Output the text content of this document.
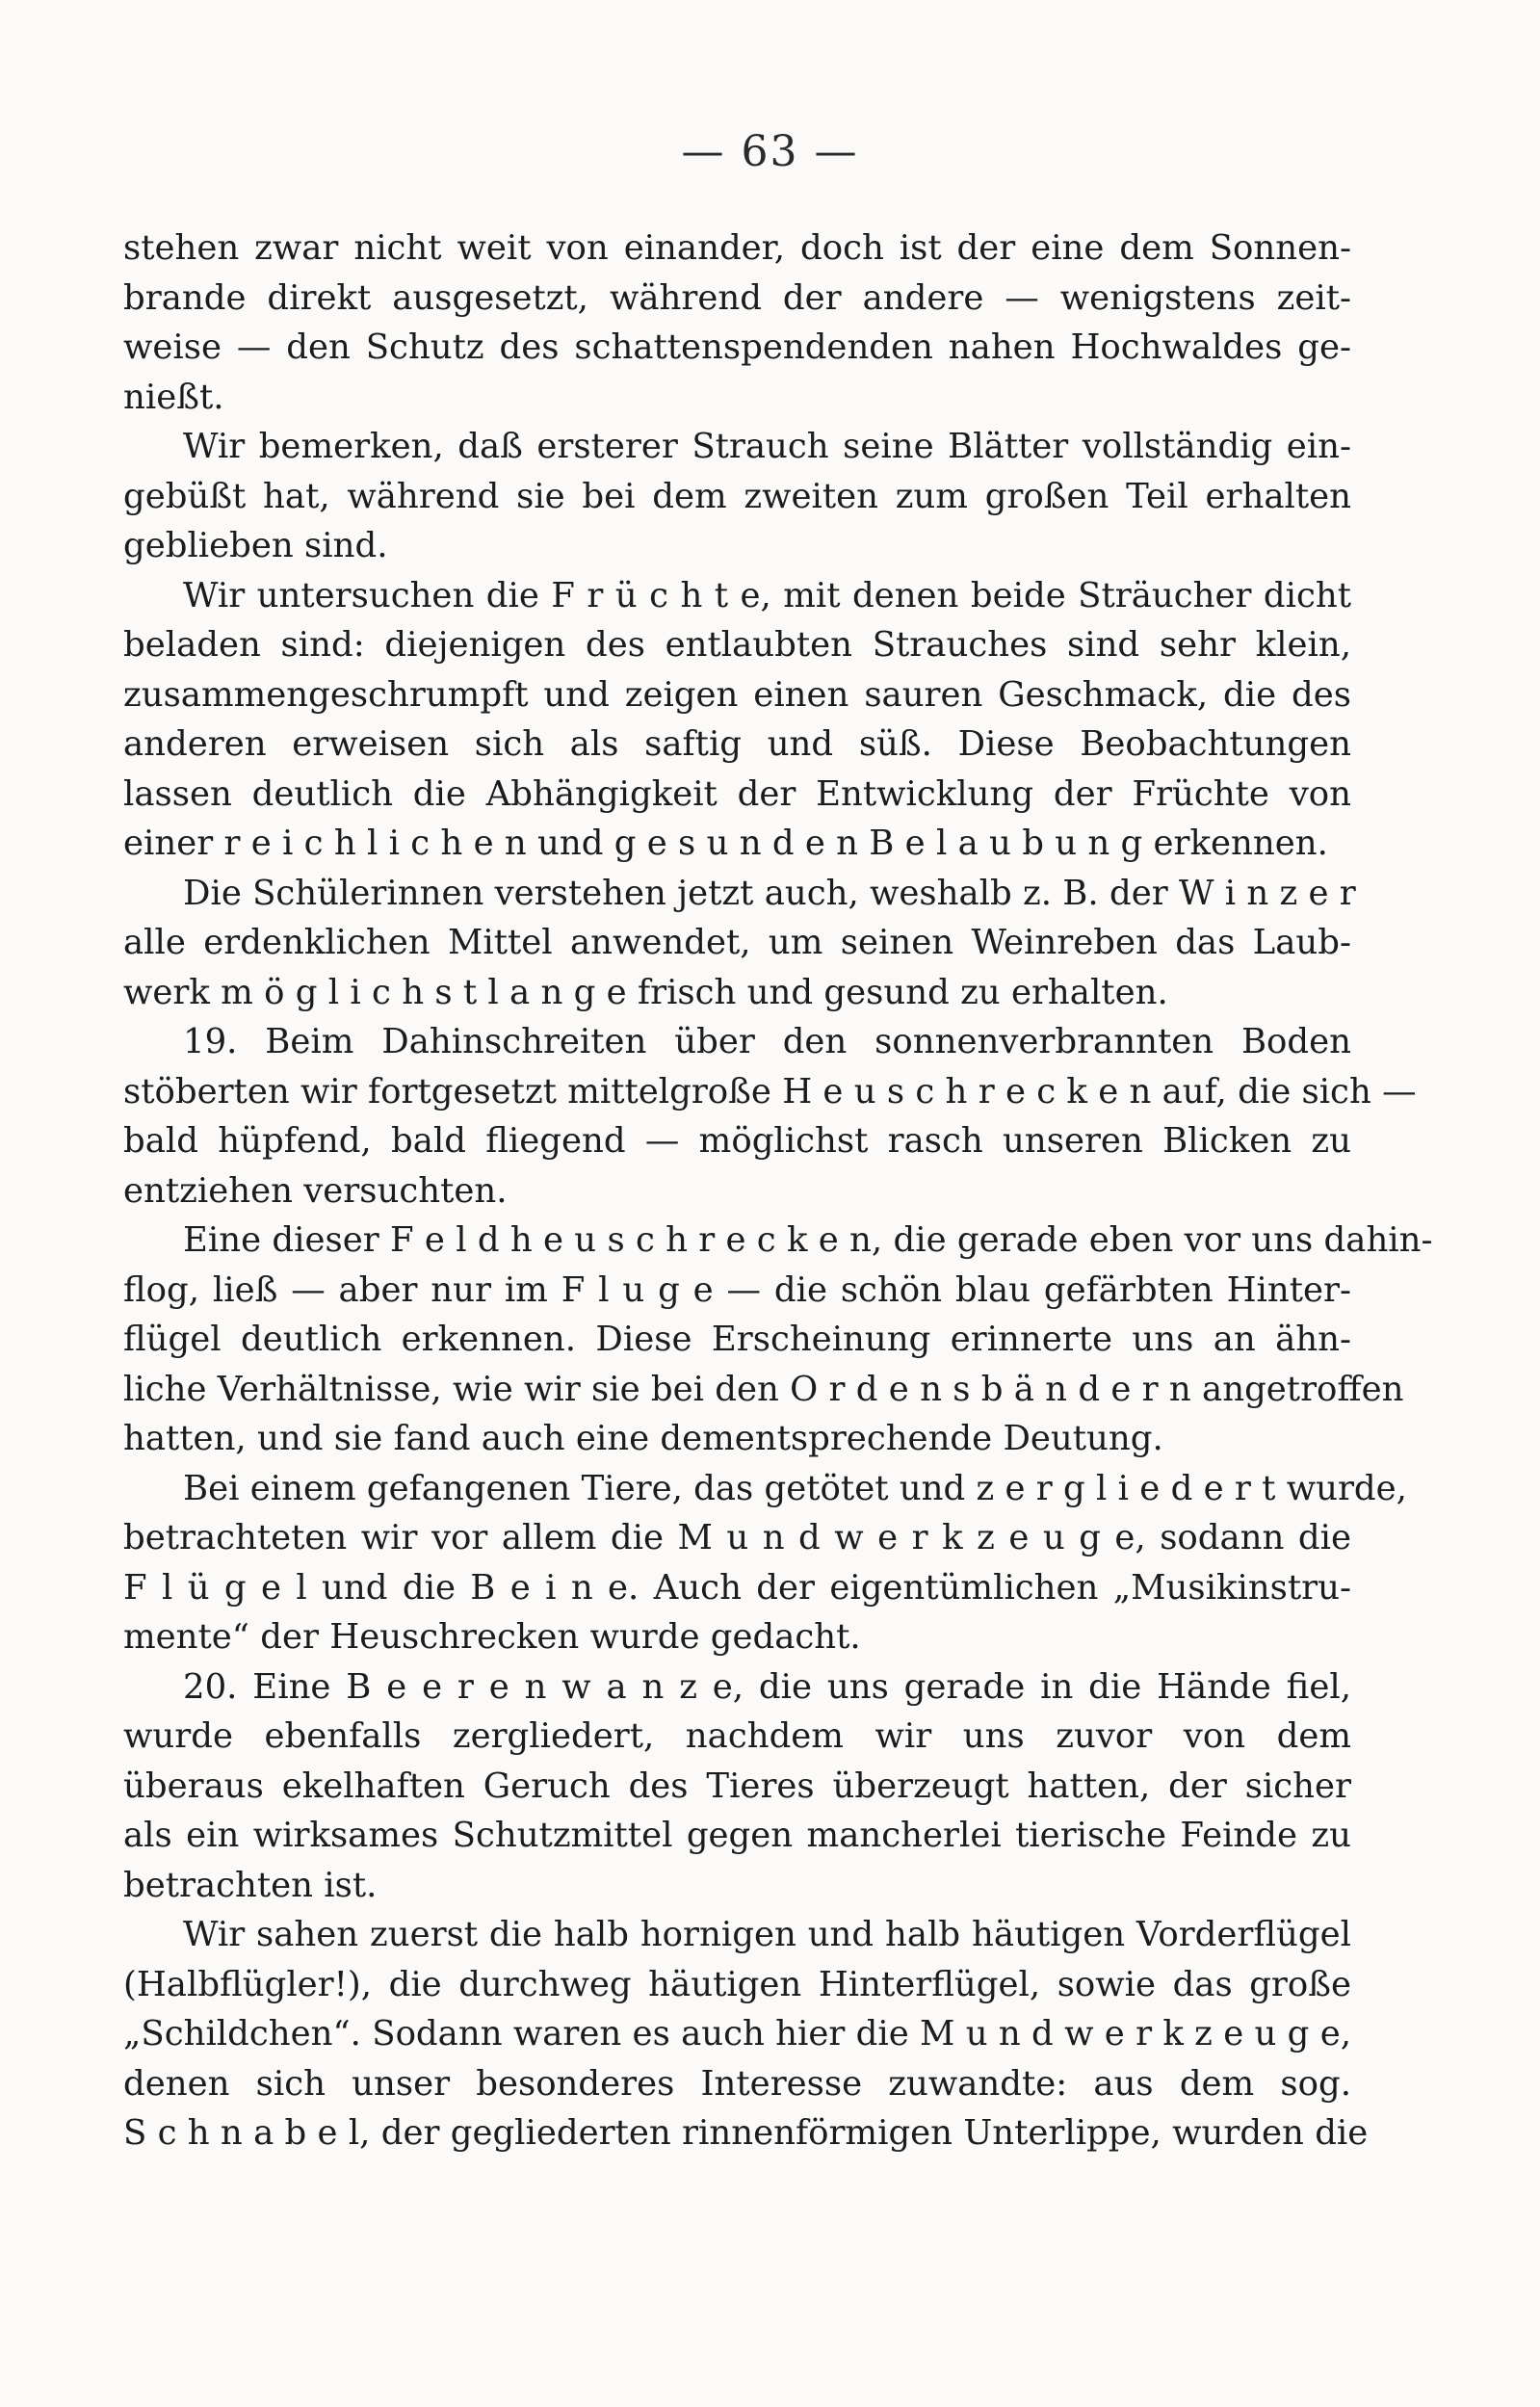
— 63 —
stehen zwar nicht weit von einander, doch ist der eine dem Sonnen-
brande direkt ausgesetzt, während der andere — wenigstens zeit-
weise — den Schutz des schattenspendenden nahen Hochwaldes ge-
nießt.
Wir bemerken, daß ersterer Strauch seine Blätter vollständig ein-
gebüßt hat, während sie bei dem zweiten zum großen Teil erhalten
geblieben sind.
Wir untersuchen die F r ü c h t e, mit denen beide Sträucher dicht
beladen sind: diejenigen des entlaubten Strauches sind sehr klein,
zusammengeschrumpft und zeigen einen sauren Geschmack, die des
anderen erweisen sich als saftig und süß. Diese Beobachtungen
lassen deutlich die Abhängigkeit der Entwicklung der Früchte von
einer r e i c h l i c h e n und g e s u n d e n B e l a u b u n g erkennen.
Die Schülerinnen verstehen jetzt auch, weshalb z. B. der W i n z e r
alle erdenklichen Mittel anwendet, um seinen Weinreben das Laub-
werk m ö g l i c h s t l a n g e frisch und gesund zu erhalten.
19. Beim Dahinschreiten über den sonnenverbrannten Boden
stöberten wir fortgesetzt mittelgroße H e u s c h r e c k e n auf, die sich —
bald hüpfend, bald fliegend — möglichst rasch unseren Blicken zu
entziehen versuchten.
Eine dieser F e l d h e u s c h r e c k e n, die gerade eben vor uns dahin-
flog, ließ — aber nur im F l u g e — die schön blau gefärbten Hinter-
flügel deutlich erkennen. Diese Erscheinung erinnerte uns an ähn-
liche Verhältnisse, wie wir sie bei den O r d e n s b ä n d e r n angetroffen
hatten, und sie fand auch eine dementsprechende Deutung.
Bei einem gefangenen Tiere, das getötet und z e r g l i e d e r t wurde,
betrachteten wir vor allem die M u n d w e r k z e u g e, sodann die
F l ü g e l und die B e i n e. Auch der eigentümlichen „Musikinstru-
mente“ der Heuschrecken wurde gedacht.
20. Eine B e e r e n w a n z e, die uns gerade in die Hände fiel,
wurde ebenfalls zergliedert, nachdem wir uns zuvor von dem
überaus ekelhaften Geruch des Tieres überzeugt hatten, der sicher
als ein wirksames Schutzmittel gegen mancherlei tierische Feinde zu
betrachten ist.
Wir sahen zuerst die halb hornigen und halb häutigen Vorderflügel
(Halbflügler!), die durchweg häutigen Hinterflügel, sowie das große
„Schildchen“. Sodann waren es auch hier die M u n d w e r k z e u g e,
denen sich unser besonderes Interesse zuwandte: aus dem sog.
S c h n a b e l, der gegliederten rinnenförmigen Unterlippe, wurden die
